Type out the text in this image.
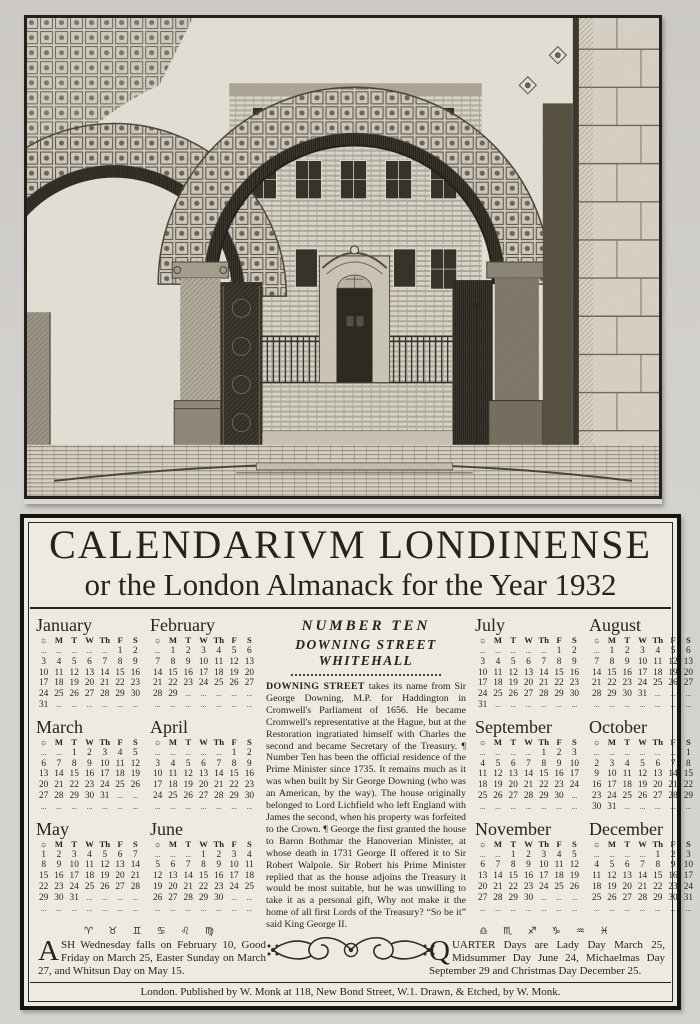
CALENDARIVM LONDINENSE
or the London Almanack for the Year 1932
January
☼ M T W Th F	S
...	...	...	...	...	1	2
3	4	5	6	7	8	9
10 11 12 13 14 15 16
17 18 19 20 21 22 23
24 25 26 27 28 29 30
31	...	...	...	...	...	...
February
☼ M T W Th F	S
...	1	2	3	4	5	6
7	8	9 10 11 12 13
14 15 16 17 18 19 20
21 22 23 24 25 26 27
28 29	...	...	...	...	...
...	...	...	...	...	...	...
March
☼ M T W Th F	S
...	...	1	2	3	4	5
6	7	8	9 10 11 12
13 14 15 16 17 18 19
20 21 22 23 24 25 26
27 28 29 30 31	...	...
...	...	...	...	...	...	...
April
☼ M T W Th F	S
...	...	...	...	...	1	2
3	4	5	6	7	8	9
10 11 12 13 14 15 16
17 18 19 20 21 22 23
24 25 26 27 28 29 30
...	...	...	...	...	...	...
May
☼ M T W Th F	S
1	2	3	4	5	6	7
8	9 10 11 12 13 14
15 16 17 18 19 20 21
22 23 24 25 26 27 28
29 30 31	...	...	...	...
...	...	...	...	...	...	...
June
☼ M T W Th F	S
...	...	...	1	2	3	4
5	6	7	8	9 10 11
12 13 14 15 16 17 18
19 20 21 22 23 24 25
26 27 28 29 30	...	...
...	...	...	...	...	...	...
NUMBER TEN
DOWNING STREET WHITEHALL

DOWNING STREET takes its name from Sir George Downing, M.P. for Haddington in Cromwell's Parliament of 1656. He became Cromwell's representative at the Hague, but at the Restoration ingratiated himself with Charles the second and became Secretary of the Treasury. ¶ Number Ten has been the official residence of the Prime Minister since 1735. It remains much as it was when built by Sir George Downing (who was an American, by the way). The house originally belonged to Lord Lichfield who left England with James the second, when his property was forfeited to the Crown. ¶ George the first granted the house to Baron Bothmar the Hanoverian Minister, at whose death in 1731 George II offered it to Sir Robert Walpole. Sir Robert his Prime Minister replied that as the house adjoins the Treasury it would be most suitable, but he was unwilling to take it as a personal gift, Why not make it the home of all first Lords of the Treasury? “So be it” said King George II.

July
☼ M T W Th F	S
...	...	...	...	...	1	2
3	4	5	6	7	8	9
10 11 12 13 14 15 16
17 18 19 20 21 22 23
24 25 26 27 28 29 30
31	...	...	...	...	...	...
August
☼ M T W Th F	S
...	1	2	3	4	5	6
7	8	9 10 11 12 13
14 15 16 17 18 19 20
21 22 23 24 25 26 27
28 29 30 31	...	...	...
...	...	...	...	...	...	...
September
☼ M T W Th F	S
...	...	...	...	1	2	3
4	5	6	7	8	9 10
11 12 13 14 15 16 17
18 19 20 21 22 23 24
25 26 27 28 29 30	...
...	...	...	...	...	...	...
October
☼ M T W Th F	S
...	...	...	...	...	...	1
2	3	4	5	6	7	8
9 10 11 12 13 14 15
16 17 18 19 20 21 22
23 24 25 26 27 28 29
30 31	...	...	...	...	...
November
☼ M T W Th F	S
...	...	1	2	3	4	5
6	7	8	9 10 11 12
13 14 15 16 17 18 19
20 21 22 23 24 25 26
27 28 29 30	...	...	...
...	...	...	...	...	...	...
December
☼ M T W Th F	S
...	...	...	...	1	2	3
4	5	6	7	8	9 10
11 12 13 14 15 16 17
18 19 20 21 22 23 24
25 26 27 28 29 30 31
...	...	...	...	...	...	...
♈ ♉ ♊ ♋ ♌ ♍
A SH Wednesday falls on February 10, Good Friday on March 25, Easter Sunday on March 27, and Whitsun Day on May 15.
♎ ♏ ♐ ♑ ♒ ♓
Q UARTER Days are Lady Day March 25, Midsummer Day June 24, Michaelmas Day September 29 and Christmas Day December 25.
London. Published by W. Monk at 118, New Bond Street, W.1. Drawn, & Etched, by W. Monk.
